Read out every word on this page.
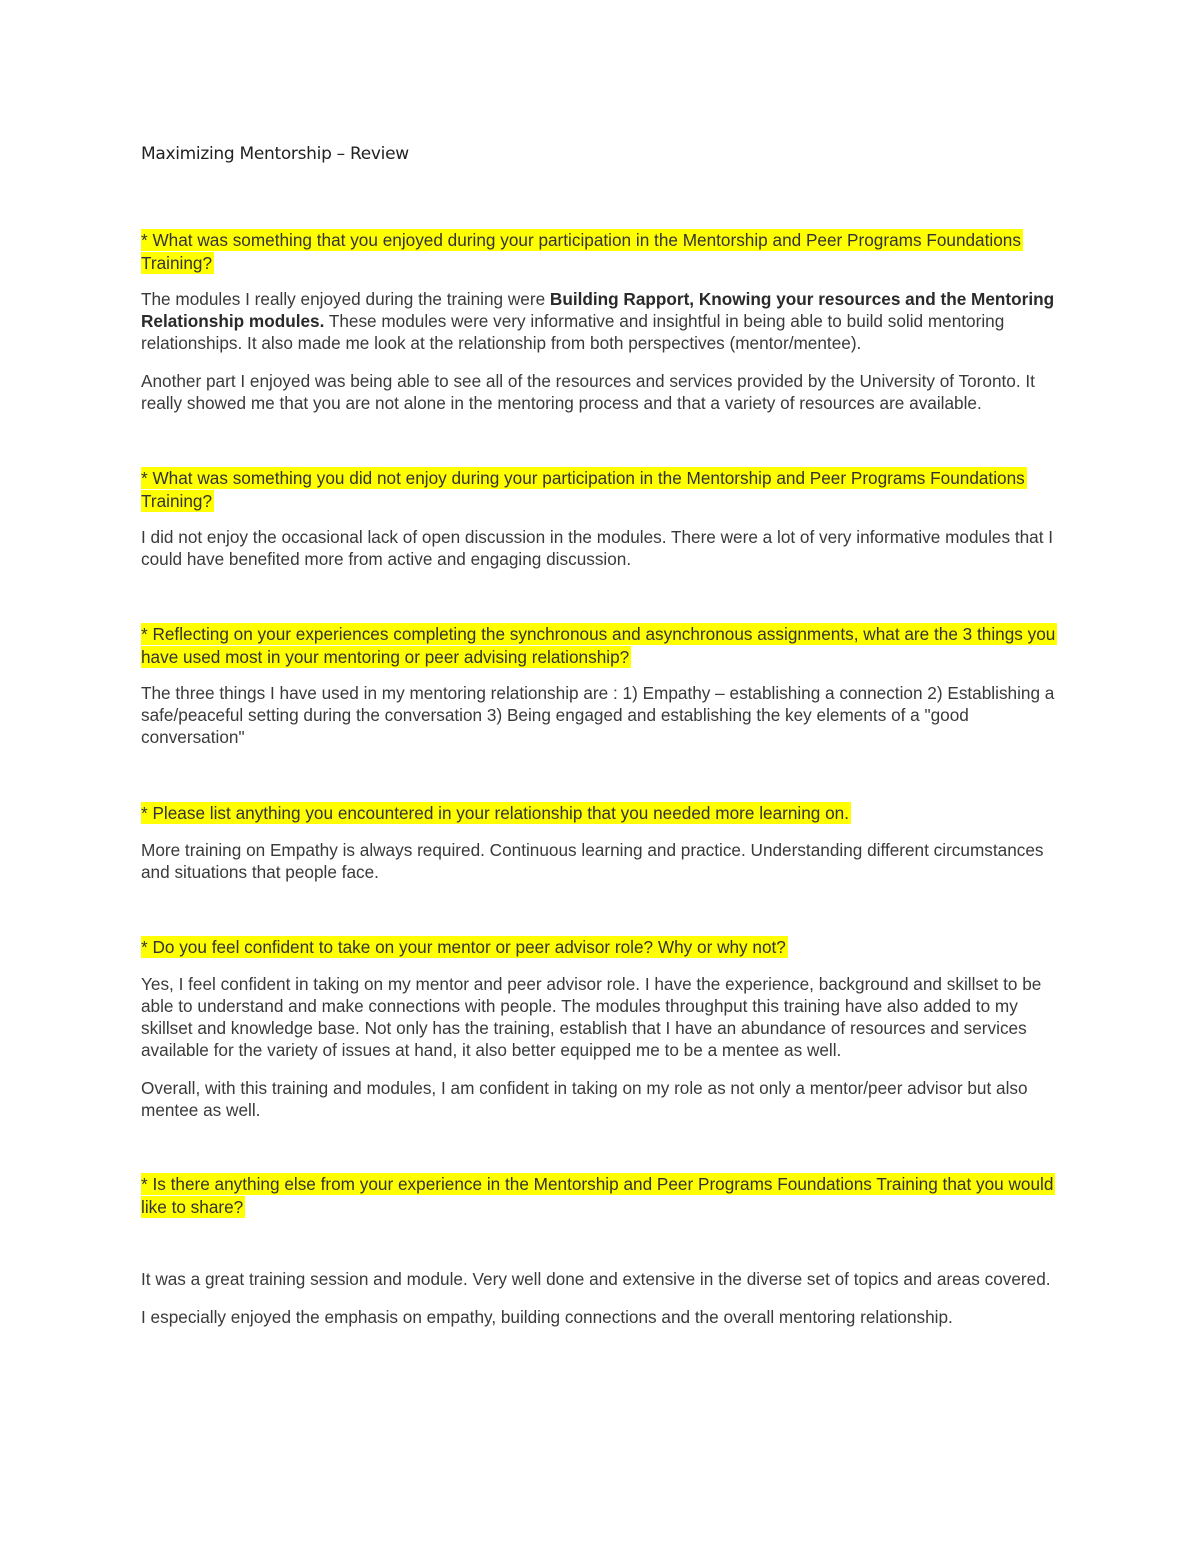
Maximizing Mentorship – Review

* What was something that you enjoyed during your participation in the Mentorship and Peer Programs Foundations Training?

The modules I really enjoyed during the training were Building Rapport, Knowing your resources and the Mentoring Relationship modules. These modules were very informative and insightful in being able to build solid mentoring relationships. It also made me look at the relationship from both perspectives (mentor/mentee).

Another part I enjoyed was being able to see all of the resources and services provided by the University of Toronto. It really showed me that you are not alone in the mentoring process and that a variety of resources are available.

* What was something you did not enjoy during your participation in the Mentorship and Peer Programs Foundations Training?

I did not enjoy the occasional lack of open discussion in the modules. There were a lot of very informative modules that I could have benefited more from active and engaging discussion.

* Reflecting on your experiences completing the synchronous and asynchronous assignments, what are the 3 things you have used most in your mentoring or peer advising relationship?

The three things I have used in my mentoring relationship are : 1) Empathy – establishing a connection 2) Establishing a safe/peaceful setting during the conversation 3) Being engaged and establishing the key elements of a "good conversation"

* Please list anything you encountered in your relationship that you needed more learning on.

More training on Empathy is always required. Continuous learning and practice. Understanding different circumstances and situations that people face.

* Do you feel confident to take on your mentor or peer advisor role? Why or why not?

Yes, I feel confident in taking on my mentor and peer advisor role. I have the experience, background and skillset to be able to understand and make connections with people. The modules throughput this training have also added to my skillset and knowledge base. Not only has the training, establish that I have an abundance of resources and services available for the variety of issues at hand, it also better equipped me to be a mentee as well.

Overall, with this training and modules, I am confident in taking on my role as not only a mentor/peer advisor but also mentee as well.

* Is there anything else from your experience in the Mentorship and Peer Programs Foundations Training that you would like to share?

It was a great training session and module. Very well done and extensive in the diverse set of topics and areas covered.

I especially enjoyed the emphasis on empathy, building connections and the overall mentoring relationship.
